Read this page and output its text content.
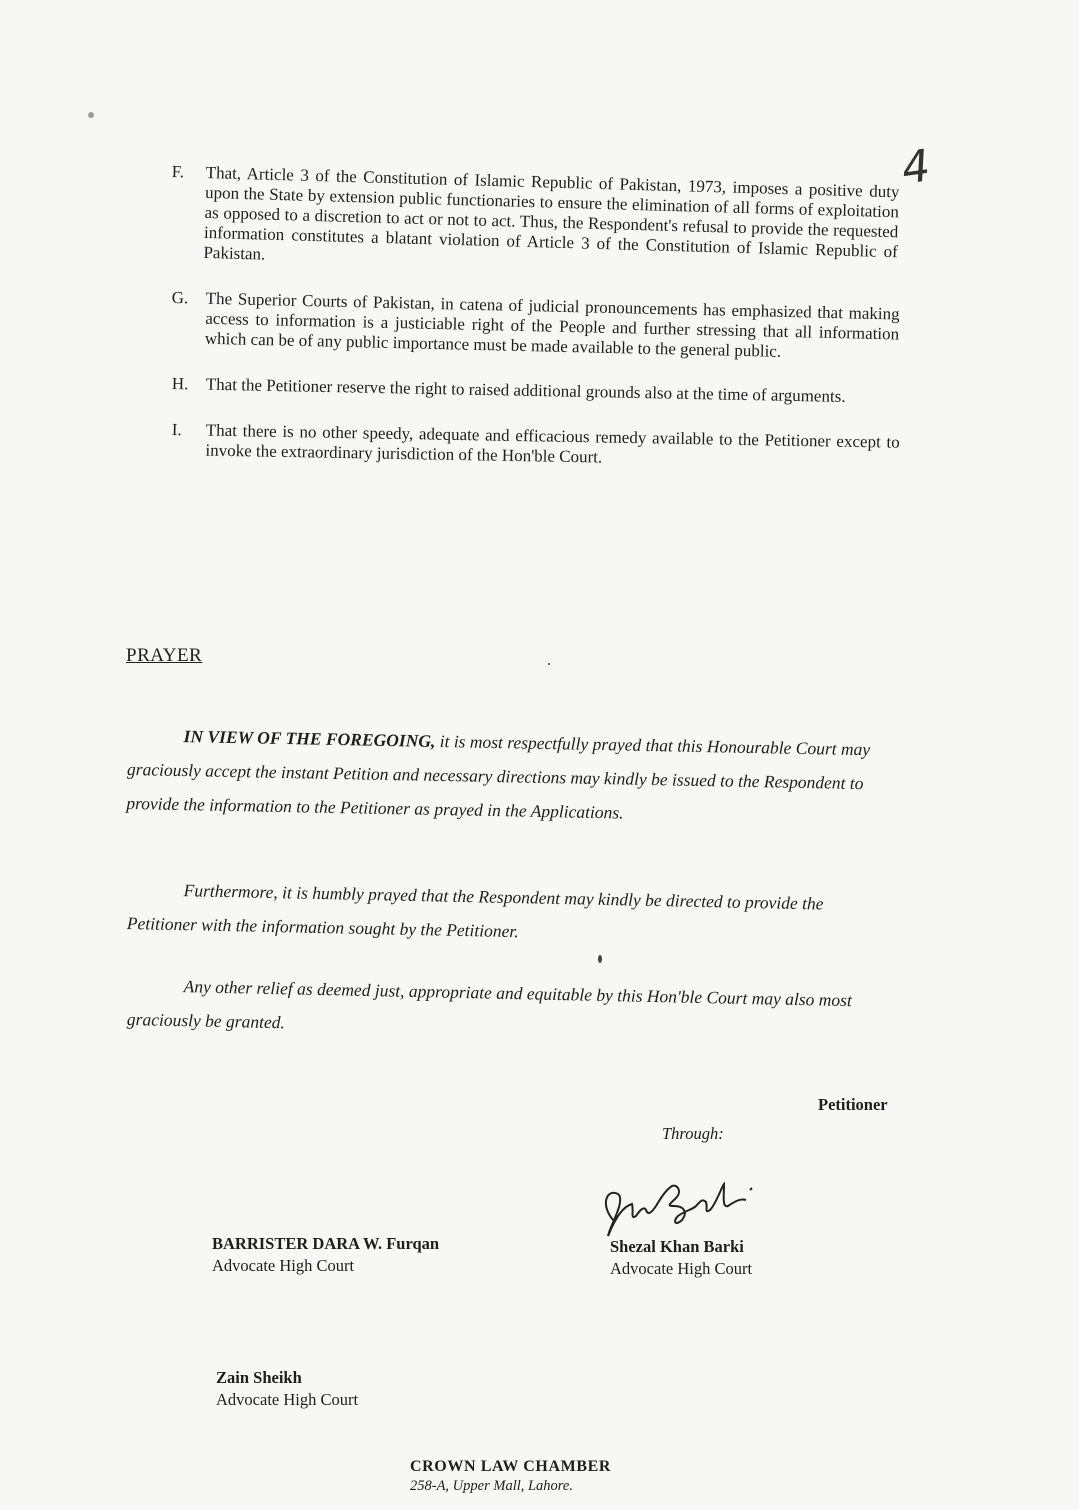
4
F. That, Article 3 of the Constitution of Islamic Republic of Pakistan, 1973, imposes a positive duty upon the State by extension public functionaries to ensure the elimination of all forms of exploitation as opposed to a discretion to act or not to act. Thus, the Respondent's refusal to provide the requested information constitutes a blatant violation of Article 3 of the Constitution of Islamic Republic of Pakistan.
G. The Superior Courts of Pakistan, in catena of judicial pronouncements has emphasized that making access to information is a justiciable right of the People and further stressing that all information which can be of any public importance must be made available to the general public.
H. That the Petitioner reserve the right to raised additional grounds also at the time of arguments.
I. That there is no other speedy, adequate and efficacious remedy available to the Petitioner except to invoke the extraordinary jurisdiction of the Hon'ble Court.
PRAYER
IN VIEW OF THE FOREGOING, it is most respectfully prayed that this Honourable Court may graciously accept the instant Petition and necessary directions may kindly be issued to the Respondent to provide the information to the Petitioner as prayed in the Applications.
Furthermore, it is humbly prayed that the Respondent may kindly be directed to provide the Petitioner with the information sought by the Petitioner.
Any other relief as deemed just, appropriate and equitable by this Hon'ble Court may also most graciously be granted.
Petitioner
Through:
BARRISTER DARA W. Furqan
Advocate High Court
Shezal Khan Barki
Advocate High Court
Zain Sheikh
Advocate High Court
CROWN LAW CHAMBER
258-A, Upper Mall, Lahore.
